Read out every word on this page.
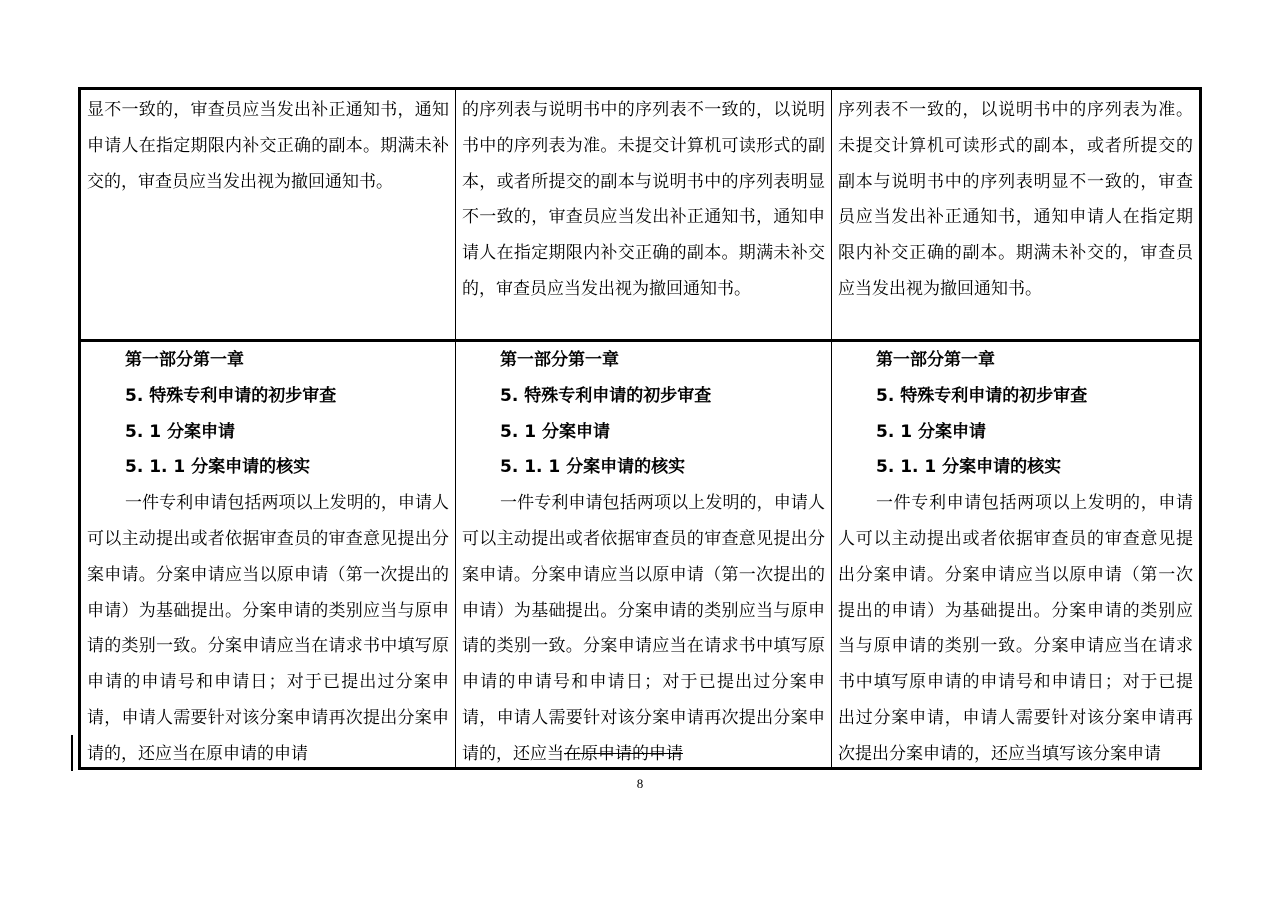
显不一致的，审查员应当发出补正通知书，通知申请人在指定期限内补交正确的副本。期满未补交的，审查员应当发出视为撤回通知书。
的序列表与说明书中的序列表不一致的，以说明书中的序列表为准。未提交计算机可读形式的副本，或者所提交的副本与说明书中的序列表明显不一致的，审查员应当发出补正通知书，通知申请人在指定期限内补交正确的副本。期满未补交的，审查员应当发出视为撤回通知书。
序列表不一致的，以说明书中的序列表为准。未提交计算机可读形式的副本，或者所提交的副本与说明书中的序列表明显不一致的，审查员应当发出补正通知书，通知申请人在指定期限内补交正确的副本。期满未补交的，审查员应当发出视为撤回通知书。
第一部分第一章
5. 特殊专利申请的初步审查
5. 1 分案申请
5. 1. 1 分案申请的核实
一件专利申请包括两项以上发明的，申请人可以主动提出或者依据审查员的审查意见提出分案申请。分案申请应当以原申请（第一次提出的申请）为基础提出。分案申请的类别应当与原申请的类别一致。分案申请应当在请求书中填写原申请的申请号和申请日；对于已提出过分案申请，申请人需要针对该分案申请再次提出分案申请的，还应当在原申请的申请
第一部分第一章
5. 特殊专利申请的初步审查
5. 1 分案申请
5. 1. 1 分案申请的核实
一件专利申请包括两项以上发明的，申请人可以主动提出或者依据审查员的审查意见提出分案申请。分案申请应当以原申请（第一次提出的申请）为基础提出。分案申请的类别应当与原申请的类别一致。分案申请应当在请求书中填写原申请的申请号和申请日；对于已提出过分案申请，申请人需要针对该分案申请再次提出分案申请的，还应当在原申请的申请
第一部分第一章
5. 特殊专利申请的初步审查
5. 1 分案申请
5. 1. 1 分案申请的核实
一件专利申请包括两项以上发明的，申请人可以主动提出或者依据审查员的审查意见提出分案申请。分案申请应当以原申请（第一次提出的申请）为基础提出。分案申请的类别应当与原申请的类别一致。分案申请应当在请求书中填写原申请的申请号和申请日；对于已提出过分案申请，申请人需要针对该分案申请再次提出分案申请的，还应当填写该分案申请
8
